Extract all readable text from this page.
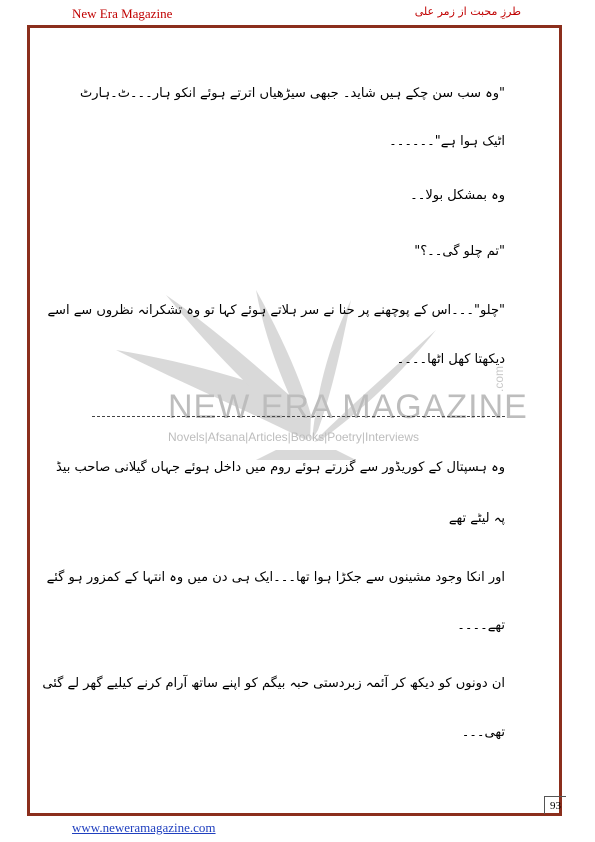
New Era Magazine	طرزِ محبت از زمر علی
NEW ERA MAGAZINE
Novels|Afsana|Articles|Books|Poetry|Interviews
.com
"وہ سب سن چکے ہیں شاید۔ جبھی سیڑھیاں اترتے ہوئے انکو ہار۔۔۔ٹ۔ہارٹ
اٹیک ہوا ہے"۔۔۔۔۔۔
وہ بمشکل بولا۔۔
"تم چلو گی۔۔؟"
"چلو"۔۔۔اس کے پوچھنے پر حنا نے سر ہلاتے ہوئے کہا تو وہ تشکرانہ نظروں سے اسے
دیکھتا کھل اٹھا۔۔۔۔
وہ ہسپتال کے کوریڈور سے گزرتے ہوئے روم میں داخل ہوئے جہاں گیلانی صاحب بیڈ
پہ لیٹے تھے
اور انکا وجود مشینوں سے جکڑا ہوا تھا۔۔۔ایک ہی دن میں وہ انتہا کے کمزور ہو گئے
تھے۔۔۔۔
ان دونوں کو دیکھ کر آئمہ زبردستی حبہ بیگم کو اپنے ساتھ آرام کرنے کیلیے گھر لے گئی
تھی۔۔۔
93
www.neweramagazine.com
